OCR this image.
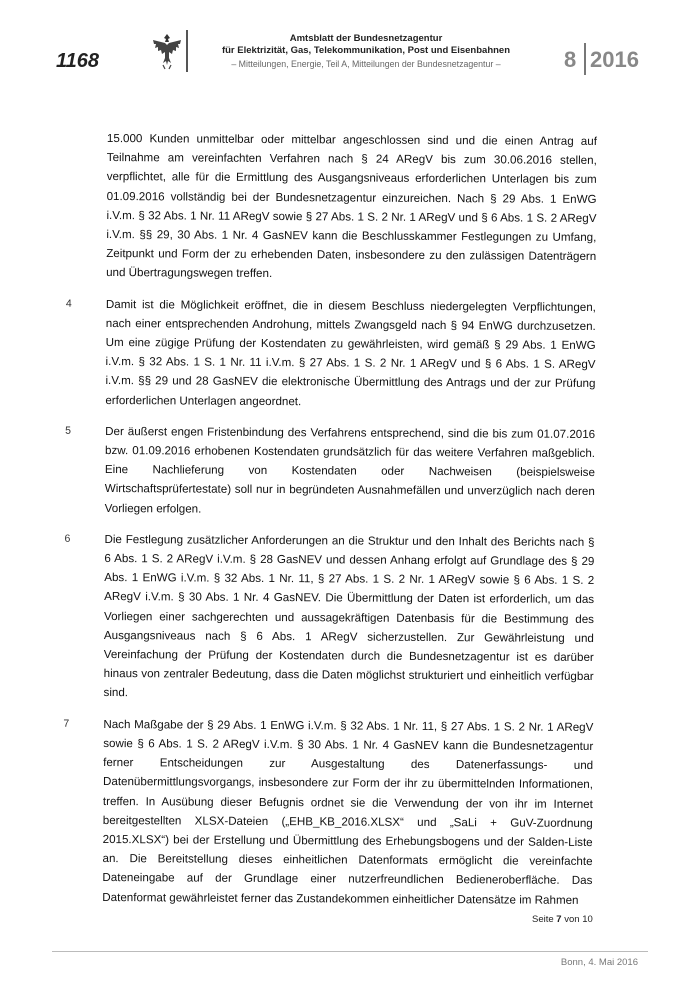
1168
Amtsblatt der Bundesnetzagentur
für Elektrizität, Gas, Telekommunikation, Post und Eisenbahnen
– Mitteilungen, Energie, Teil A, Mitteilungen der Bundesnetzagentur –	8 2016
15.000 Kunden unmittelbar oder mittelbar angeschlossen sind und die einen Antrag auf Teilnahme am vereinfachten Verfahren nach § 24 ARegV bis zum 30.06.2016 stellen, verpflichtet, alle für die Ermittlung des Ausgangsniveaus erforderlichen Unterlagen bis zum 01.09.2016 vollständig bei der Bundesnetzagentur einzureichen. Nach § 29 Abs. 1 EnWG i.V.m. § 32 Abs. 1 Nr. 11 ARegV sowie § 27 Abs. 1 S. 2 Nr. 1 ARegV und § 6 Abs. 1 S. 2 ARegV i.V.m. §§ 29, 30 Abs. 1 Nr. 4 GasNEV kann die Beschlusskammer Festlegungen zu Umfang, Zeitpunkt und Form der zu erhebenden Daten, insbesondere zu den zulässigen Datenträgern und Übertragungswegen treffen.
4	Damit ist die Möglichkeit eröffnet, die in diesem Beschluss niedergelegten Verpflichtungen, nach einer entsprechenden Androhung, mittels Zwangsgeld nach § 94 EnWG durchzusetzen. Um eine zügige Prüfung der Kostendaten zu gewährleisten, wird gemäß § 29 Abs. 1 EnWG i.V.m. § 32 Abs. 1 S. 1 Nr. 11 i.V.m. § 27 Abs. 1 S. 2 Nr. 1 ARegV und § 6 Abs. 1 S. ARegV i.V.m. §§ 29 und 28 GasNEV die elektronische Übermittlung des Antrags und der zur Prüfung erforderlichen Unterlagen angeordnet.
5	Der äußerst engen Fristenbindung des Verfahrens entsprechend, sind die bis zum 01.07.2016 bzw. 01.09.2016 erhobenen Kostendaten grundsätzlich für das weitere Verfahren maßgeblich. Eine Nachlieferung von Kostendaten oder Nachweisen (beispielsweise Wirtschaftsprüfertestate) soll nur in begründeten Ausnahmefällen und unverzüglich nach deren Vorliegen erfolgen.
6	Die Festlegung zusätzlicher Anforderungen an die Struktur und den Inhalt des Berichts nach § 6 Abs. 1 S. 2 ARegV i.V.m. § 28 GasNEV und dessen Anhang erfolgt auf Grundlage des § 29 Abs. 1 EnWG i.V.m. § 32 Abs. 1 Nr. 11, § 27 Abs. 1 S. 2 Nr. 1 ARegV sowie § 6 Abs. 1 S. 2 ARegV i.V.m. § 30 Abs. 1 Nr. 4 GasNEV. Die Übermittlung der Daten ist erforderlich, um das Vorliegen einer sachgerechten und aussagekräftigen Datenbasis für die Bestimmung des Ausgangsniveaus nach § 6 Abs. 1 ARegV sicherzustellen. Zur Gewährleistung und Vereinfachung der Prüfung der Kostendaten durch die Bundesnetzagentur ist es darüber hinaus von zentraler Bedeutung, dass die Daten möglichst strukturiert und einheitlich verfügbar sind.
7	Nach Maßgabe der § 29 Abs. 1 EnWG i.V.m. § 32 Abs. 1 Nr. 11, § 27 Abs. 1 S. 2 Nr. 1 ARegV sowie § 6 Abs. 1 S. 2 ARegV i.V.m. § 30 Abs. 1 Nr. 4 GasNEV kann die Bundesnetzagentur ferner Entscheidungen zur Ausgestaltung des Datenerfassungs- und Datenübermittlungsvorgangs, insbesondere zur Form der ihr zu übermittelnden Informationen, treffen. In Ausübung dieser Befugnis ordnet sie die Verwendung der von ihr im Internet bereitgestellten XLSX-Dateien („EHB_KB_2016.XLSX“ und „SaLi + GuV-Zuordnung 2015.XLSX“) bei der Erstellung und Übermittlung des Erhebungsbogens und der Salden-Liste an. Die Bereitstellung dieses einheitlichen Datenformats ermöglicht die vereinfachte Dateneingabe auf der Grundlage einer nutzerfreundlichen Bedieneroberfläche. Das Datenformat gewährleistet ferner das Zustandekommen einheitlicher Datensätze im Rahmen
Seite 7 von 10
Bonn, 4. Mai 2016
